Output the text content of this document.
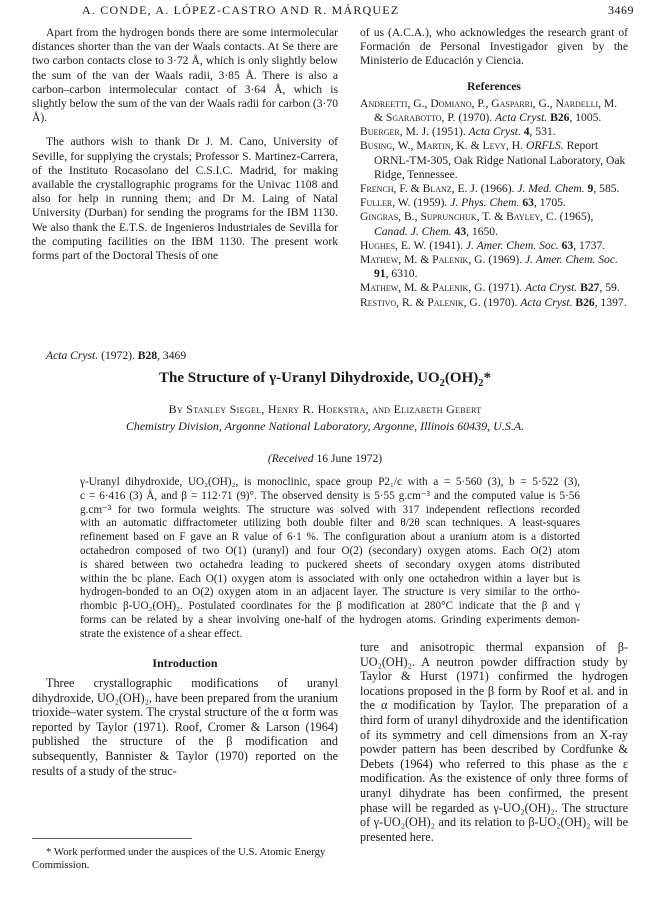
A. CONDE, A. LÓPEZ-CASTRO AND R. MÁRQUEZ	3469

Apart from the hydrogen bonds there are some intermolecular distances shorter than the van der Waals contacts. At Se there are two carbon contacts close to 3·72 Å, which is only slightly below the sum of the van der Waals radii, 3·85 Å. There is also a carbon–carbon intermolecular contact of 3·64 Å, which is slightly below the sum of the van der Waals radii for carbon (3·70 Å).

The authors wish to thank Dr J. M. Cano, University of Seville, for supplying the crystals; Professor S. Martinez-Carrera, of the Instituto Rocasolano del C.S.I.C. Madrid, for making available the crystallographic programs for the Univac 1108 and also for help in running them; and Dr M. Laing of Natal University (Durban) for sending the programs for the IBM 1130. We also thank the E.T.S. de Ingenieros Industriales de Sevilla for the computing facilities on the IBM 1130. The present work forms part of the Doctoral Thesis of one

of us (A.C.A.), who acknowledges the research grant of Formación de Personal Investigador given by the Ministerio de Educación y Ciencia.

References
Andreetti, G., Domiano, P., Gasparri, G., Nardelli, M. & Sgarabotto, P. (1970). Acta Cryst. B26, 1005.
Buerger, M. J. (1951). Acta Cryst. 4, 531.
Busing, W., Martin, K. & Levy, H. ORFLS. Report ORNL-TM-305, Oak Ridge National Laboratory, Oak Ridge, Tennessee.
French, F. & Blanz, E. J. (1966). J. Med. Chem. 9, 585.
Fuller, W. (1959). J. Phys. Chem. 63, 1705.
Gingras, B., Suprunchuk, T. & Bayley, C. (1965), Canad. J. Chem. 43, 1650.
Hughes, E. W. (1941). J. Amer. Chem. Soc. 63, 1737.
Mathew, M. & Palenik, G. (1969). J. Amer. Chem. Soc. 91, 6310.
Mathew, M. & Palenik, G. (1971). Acta Cryst. B27, 59.
Restivo, R. & Palenik, G. (1970). Acta Cryst. B26, 1397.
Acta Cryst. (1972). B28, 3469
The Structure of γ-Uranyl Dihydroxide, $UO_2(OH)_2*$
By Stanley Siegel, Henry R. Hoekstra, and Elizabeth Gebert
Chemistry Division, Argonne National Laboratory, Argonne, Illinois 60439, U.S.A.
(Received 16 June 1972)
γ-Uranyl dihydroxide, UO₂(OH)₂, is monoclinic, space group P2₁/c with a = 5·560 (3), b = 5·522 (3),
c = 6·416 (3) Å, and β = 112·71 (9)°. The observed density is 5·55 g.cm⁻³ and the computed value is 5·56
g.cm⁻³ for two formula weights. The structure was solved with 317 independent reflections recorded
with an automatic diffractometer utilizing both double filter and θ/2θ scan techniques. A least-squares
refinement based on F gave an R value of 6·1 %. The configuration about a uranium atom is a distorted
octahedron composed of two O(1) (uranyl) and four O(2) (secondary) oxygen atoms. Each O(2) atom
is shared between two octahedra leading to puckered sheets of secondary oxygen atoms distributed
within the bc plane. Each O(1) oxygen atom is associated with only one octahedron within a layer but is
hydrogen-bonded to an O(2) oxygen atom in an adjacent layer. The structure is very similar to the ortho-
rhombic β-UO₂(OH)₂. Postulated coordinates for the β modification at 280°C indicate that the β and γ
forms can be related by a shear involving one-half of the hydrogen atoms. Grinding experiments demon-
strate the existence of a shear effect.
Introduction
Three crystallographic modifications of uranyl dihydroxide, UO₂(OH)₂, have been prepared from the uranium trioxide–water system. The crystal structure of the α form was reported by Taylor (1971). Roof, Cromer & Larson (1964) published the structure of the β modification and subsequently, Bannister & Taylor (1970) reported on the results of a study of the struc-
ture and anisotropic thermal expansion of β-UO₂(OH)₂. A neutron powder diffraction study by Taylor & Hurst (1971) confirmed the hydrogen locations proposed in the β form by Roof et al. and in the α modification by Taylor. The preparation of a third form of uranyl dihydroxide and the identification of its symmetry and cell dimensions from an X-ray powder pattern has been described by Cordfunke & Debets (1964) who referred to this phase as the ε modification. As the existence of only three forms of uranyl dihydrate has been confirmed, the present phase will be regarded as γ-UO₂(OH)₂. The structure of γ-UO₂(OH)₂ and its relation to β-UO₂(OH)₂ will be presented here.
* Work performed under the auspices of the U.S. Atomic Energy Commission.
